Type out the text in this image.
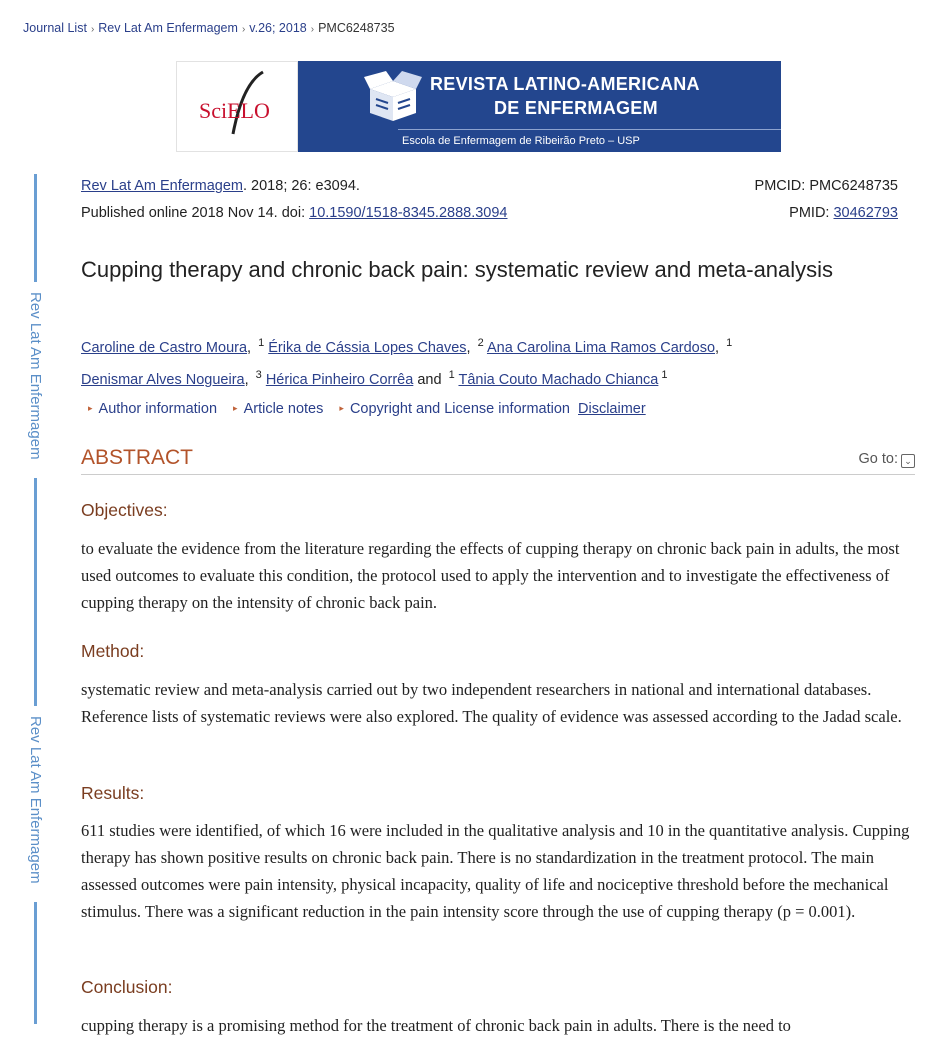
Journal List › Rev Lat Am Enfermagem › v.26; 2018 › PMC6248735
SciELO
REVISTA LATINO-AMERICANA
DE ENFERMAGEM
Escola de Enfermagem de Ribeirão Preto – USP
Rev Lat Am Enfermagem
Rev Lat Am Enfermagem
Rev Lat Am Enfermagem. 2018; 26: e3094.
Published online 2018 Nov 14. doi: 10.1590/1518-8345.2888.3094
PMCID: PMC6248735
PMID: 30462793
Cupping therapy and chronic back pain: systematic review and meta-analysis
Caroline de Castro Moura, $^1$ Érika de Cássia Lopes Chaves, $^2$ Ana Carolina Lima Ramos Cardoso, $^1$
Denismar Alves Nogueira, $^3$ Hérica Pinheiro Corrêa and $^1$ Tânia Couto Machado Chianca $^1$
▸ Author information ▸ Article notes ▸ Copyright and License information Disclaimer
ABSTRACT	Go to: ⌄
Objectives:
to evaluate the evidence from the literature regarding the effects of cupping therapy on chronic back pain in adults, the most used outcomes to evaluate this condition, the protocol used to apply the intervention and to investigate the effectiveness of cupping therapy on the intensity of chronic back pain.
Method:
systematic review and meta-analysis carried out by two independent researchers in national and international databases. Reference lists of systematic reviews were also explored. The quality of evidence was assessed according to the Jadad scale.
Results:
611 studies were identified, of which 16 were included in the qualitative analysis and 10 in the quantitative analysis. Cupping therapy has shown positive results on chronic back pain. There is no standardization in the treatment protocol. The main assessed outcomes were pain intensity, physical incapacity, quality of life and nociceptive threshold before the mechanical stimulus. There was a significant reduction in the pain intensity score through the use of cupping therapy (p = 0.001).
Conclusion:
cupping therapy is a promising method for the treatment of chronic back pain in adults. There is the need to
